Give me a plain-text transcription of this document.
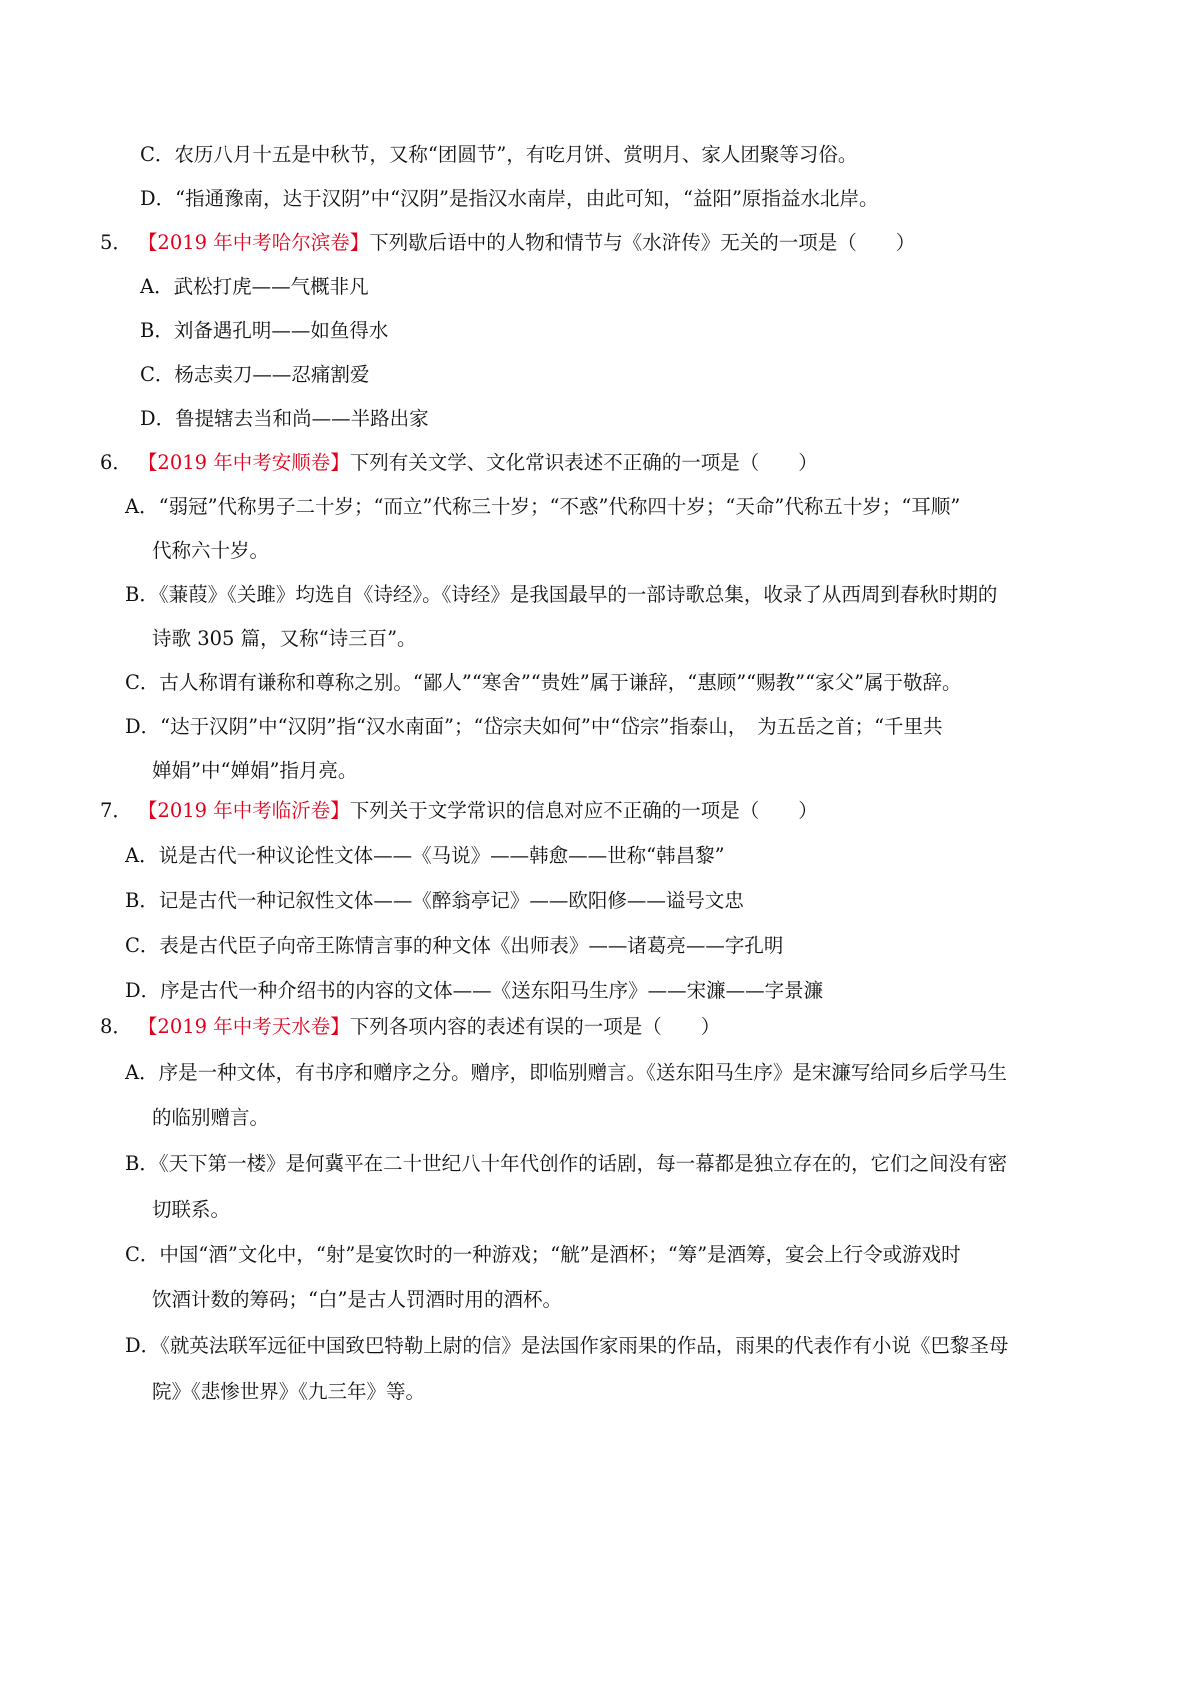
C．农历八月十五是中秋节，又称“团圆节”，有吃月饼、赏明月、家人团聚等习俗。
D．“指通豫南，达于汉阴”中“汉阴”是指汉水南岸，由此可知，“益阳”原指益水北岸。
5． 【2019 年中考哈尔滨卷】下列歇后语中的人物和情节与《水浒传》无关的一项是（　　）
A．武松打虎——气概非凡
B．刘备遇孔明——如鱼得水
C．杨志卖刀——忍痛割爱
D．鲁提辖去当和尚——半路出家
6． 【2019 年中考安顺卷】下列有关文学、文化常识表述不正确的一项是（　　）
A．“弱冠”代称男子二十岁；“而立”代称三十岁；“不惑”代称四十岁；“天命”代称五十岁；“耳顺”
代称六十岁。
B．《蒹葭》《关雎》均选自《诗经》。《诗经》是我国最早的一部诗歌总集，收录了从西周到春秋时期的
诗歌 305 篇，又称“诗三百”。
C．古人称谓有谦称和尊称之别。“鄙人”“寒舍”“贵姓”属于谦辞，“惠顾”“赐教”“家父”属于敬辞。
D．“达于汉阴”中“汉阴”指“汉水南面”；“岱宗夫如何”中“岱宗”指泰山，　为五岳之首；“千里共
婵娟”中“婵娟”指月亮。
7． 【2019 年中考临沂卷】下列关于文学常识的信息对应不正确的一项是（　　）
A．说是古代一种议论性文体——《马说》——韩愈——世称“韩昌黎”
B．记是古代一种记叙性文体——《醉翁亭记》——欧阳修——谥号文忠
C．表是古代臣子向帝王陈情言事的种文体《出师表》——诸葛亮——字孔明
D．序是古代一种介绍书的内容的文体——《送东阳马生序》——宋濂——字景濂
8． 【2019 年中考天水卷】下列各项内容的表述有误的一项是（　　）
A．序是一种文体，有书序和赠序之分。赠序，即临别赠言。《送东阳马生序》是宋濂写给同乡后学马生
的临别赠言。
B．《天下第一楼》是何冀平在二十世纪八十年代创作的话剧，每一幕都是独立存在的，它们之间没有密
切联系。
C．中国“酒”文化中，“射”是宴饮时的一种游戏；“觥”是酒杯；“筹”是酒筹，宴会上行令或游戏时
饮酒计数的筹码；“白”是古人罚酒时用的酒杯。
D．《就英法联军远征中国致巴特勒上尉的信》是法国作家雨果的作品，雨果的代表作有小说《巴黎圣母
院》《悲惨世界》《九三年》等。
